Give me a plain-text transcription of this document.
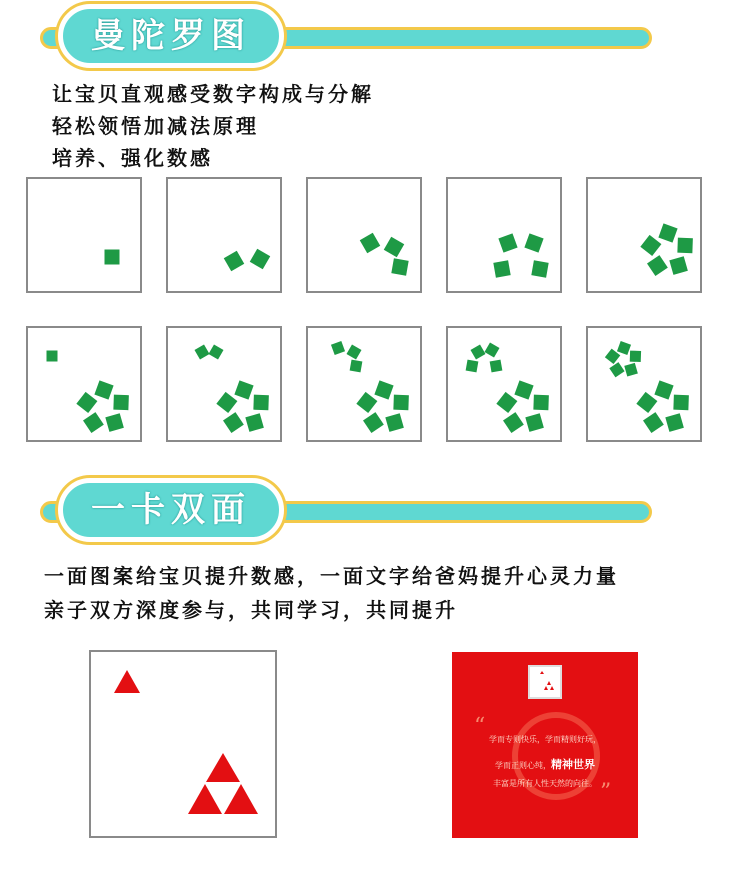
曼陀罗图
让宝贝直观感受数字构成与分解
轻松领悟加减法原理
培养、强化数感
一卡双面
一面图案给宝贝提升数感，一面文字给爸妈提升心灵力量
亲子双方深度参与，共同学习，共同提升
“
”
学而专则快乐，学而精则好玩，
学而正则心纯，精神世界
丰富是所有人性天然的向往。
